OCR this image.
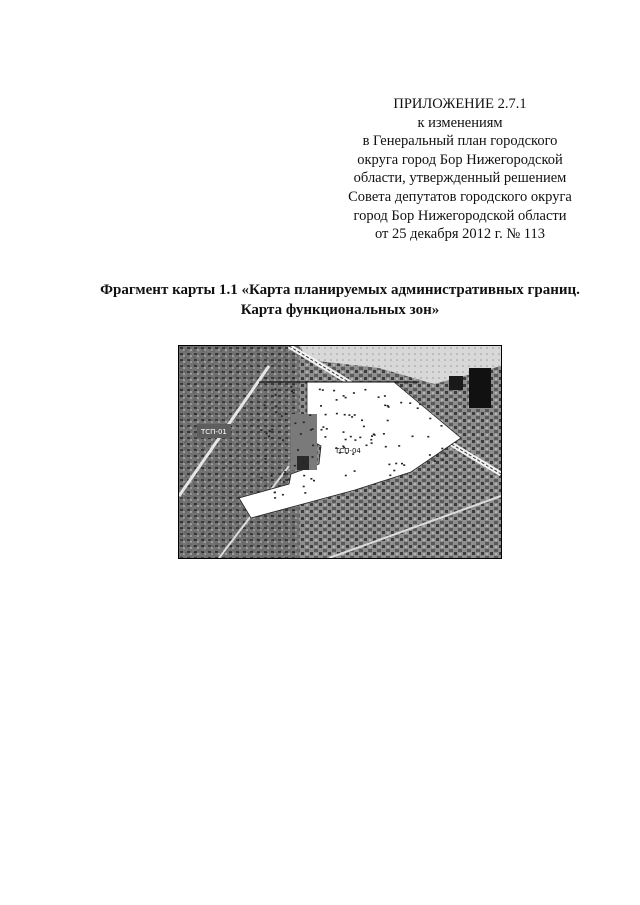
ПРИЛОЖЕНИЕ 2.7.1
к изменениям
в Генеральный план городского
округа город Бор Нижегородской
области, утвержденный решением
Совета депутатов городского округа
город Бор Нижегородской области
от 25 декабря 2012 г. № 113
Фрагмент карты 1.1 «Карта планируемых административных границ.
Карта функциональных зон»
ТСП-01
ТСП-04
